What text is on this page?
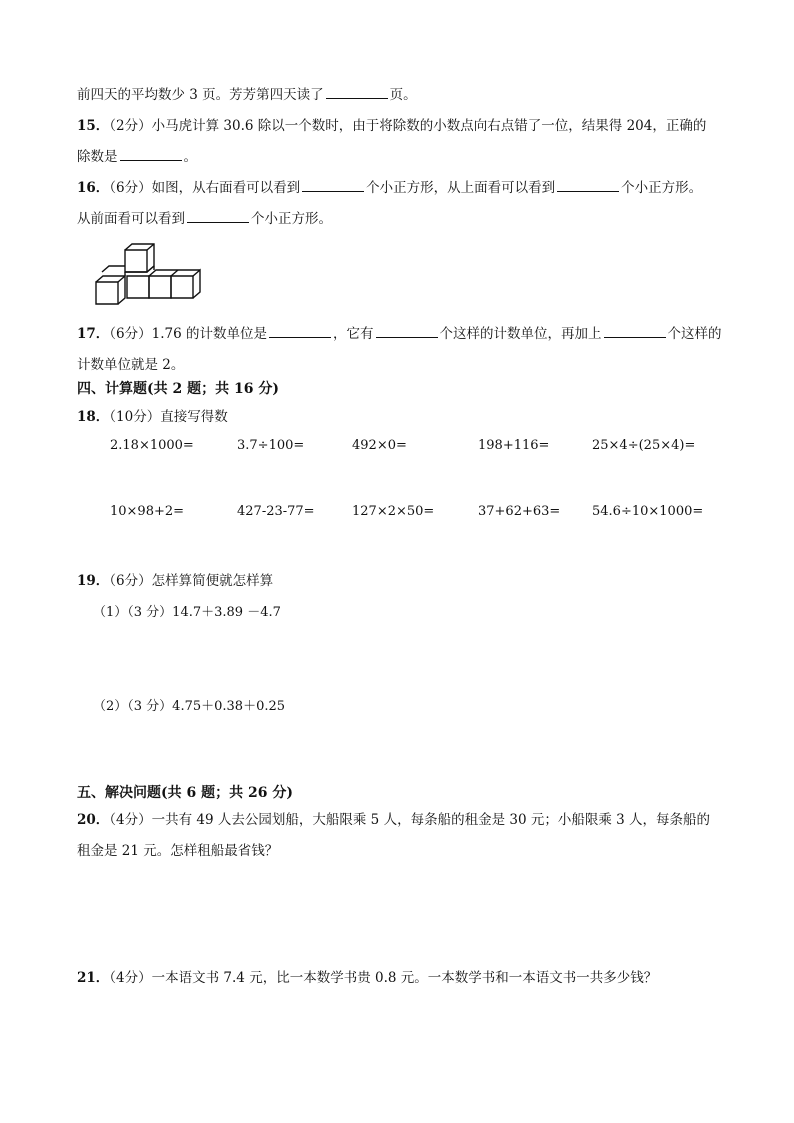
前四天的平均数少 3 页。芳芳第四天读了	页。
15．（2分）小马虎计算 30.6 除以一个数时，由于将除数的小数点向右点错了一位，结果得 204，正确的
除数是	。
16．（6分）如图，从右面看可以看到	个小正方形，从上面看可以看到	个小正方形。
从前面看可以看到	个小正方形。
17．（6分）1.76 的计数单位是	，它有	个这样的计数单位，再加上	个这样的
计数单位就是 2。
四、计算题(共 2 题；共 16 分)
18．（10分）直接写得数
2.18×1000=	3.7÷100=	492×0=	198+116=	25×4÷(25×4)=
10×98+2=	427-23-77=	127×2×50=	37+62+63= 54.6÷10×1000=
19．（6分）怎样算简便就怎样算
（1）（3 分）14.7＋3.89 －4.7
（2）（3 分）4.75＋0.38＋0.25
五、解决问题(共 6 题；共 26 分)
20．（4分）一共有 49 人去公园划船，大船限乘 5 人，每条船的租金是 30 元；小船限乘 3 人，每条船的
租金是 21 元。怎样租船最省钱？
21．（4分）一本语文书 7.4 元，比一本数学书贵 0.8 元。一本数学书和一本语文书一共多少钱？
